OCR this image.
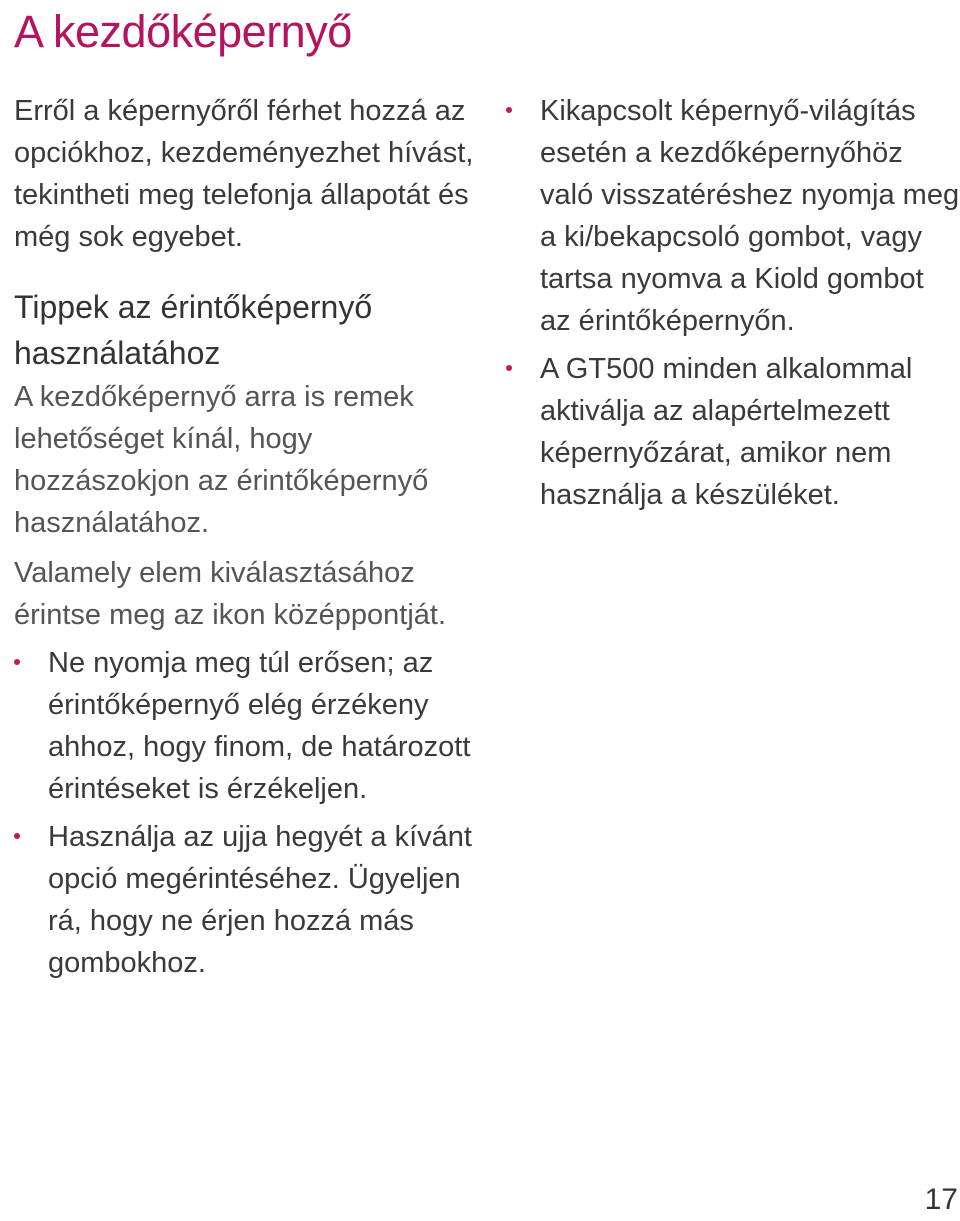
A kezdőképernyő

Erről a képernyőről férhet hozzá az opciókhoz, kezdeményezhet hívást, tekintheti meg telefonja állapotát és még sok egyebet.

Tippek az érintőképernyő használatához

A kezdőképernyő arra is remek lehetőséget kínál, hogy hozzászokjon az érintőképernyő használatához.

Valamely elem kiválasztásához érintse meg az ikon középpontját.

Ne nyomja meg túl erősen; az érintőképernyő elég érzékeny ahhoz, hogy finom, de határozott érintéseket is érzékeljen.
Használja az ujja hegyét a kívánt opció megérintéséhez. Ügyeljen rá, hogy ne érjen hozzá más gombokhoz.
Kikapcsolt képernyő-világítás esetén a kezdőképernyőhöz való visszatéréshez nyomja meg a ki/bekapcsoló gombot, vagy tartsa nyomva a Kiold gombot az érintőképernyőn.
A GT500 minden alkalommal aktiválja az alapértelmezett képernyőzárat, amikor nem használja a készüléket.
17
